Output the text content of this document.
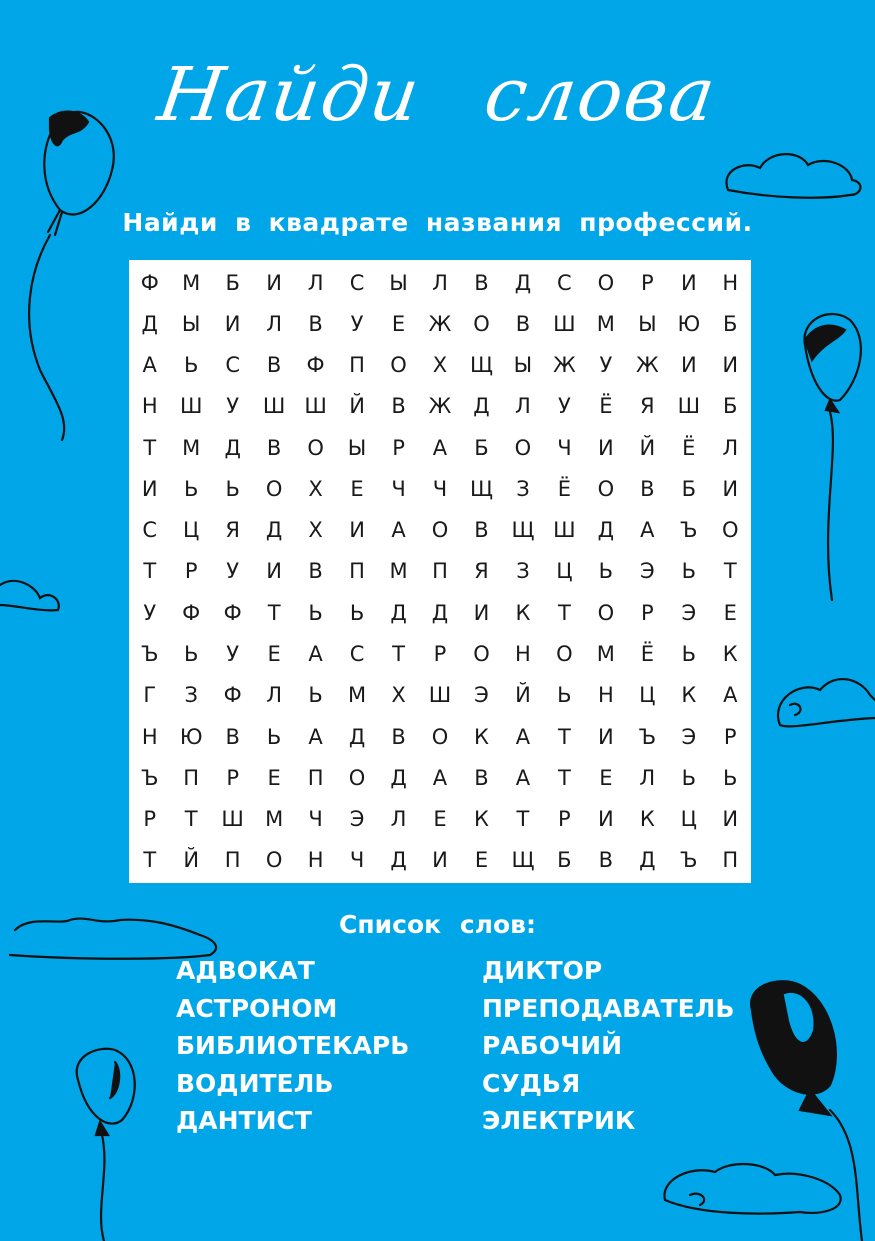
Найди слова
Найди в квадрате названия профессий.
Ф	М	Б	И	Л	С	Ы	Л	В	Д	С	О	Р	И	Н
Д	Ы	И	Л	В	У	Е	Ж	О	В	Ш	М	Ы Ю	Б
А	Ь	С	В	Ф	П	О	Х	Щ Ы Ж	У	Ж	И	И
Н	Ш	У	Ш Ш	Й	В	Ж	Д	Л	У	Ё	Я	Ш	Б
Т	М	Д	В	О	Ы	Р	А	Б	О	Ч	И	Й	Ё	Л
И	Ь	Ь	О	Х	Е	Ч	Ч	Щ	З	Ё	О	В	Б	И
С	Ц	Я	Д	Х	И	А	О	В	Щ Ш	Д	А	Ъ	О
Т	Р	У	И	В	П	М	П	Я	З	Ц	Ь	Э	Ь	Т
У	Ф	Ф	Т	Ь	Ь	Д	Д	И	К	Т	О	Р	Э	Е
Ъ	Ь	У	Е	А	С	Т	Р	О	Н	О	М	Ё	Ь	К
Г	З	Ф	Л	Ь	М	Х	Ш	Э	Й	Ь	Н	Ц	К	А
Н	Ю	В	Ь	А	Д	В	О	К	А	Т	И	Ъ	Э	Р
Ъ	П	Р	Е	П	О	Д	А	В	А	Т	Е	Л	Ь	Ь
Р	Т	Ш	М	Ч	Э	Л	Е	К	Т	Р	И	К	Ц	И
Т	Й	П	О	Н	Ч	Д	И	Е	Щ	Б	В	Д	Ъ	П
Список слов:
АДВОКАТ
АСТРОНОМ
БИБЛИОТЕКАРЬ
ВОДИТЕЛЬ
ДАНТИСТ
ДИКТОР
ПРЕПОДАВАТЕЛЬ
РАБОЧИЙ
СУДЬЯ
ЭЛЕКТРИК
